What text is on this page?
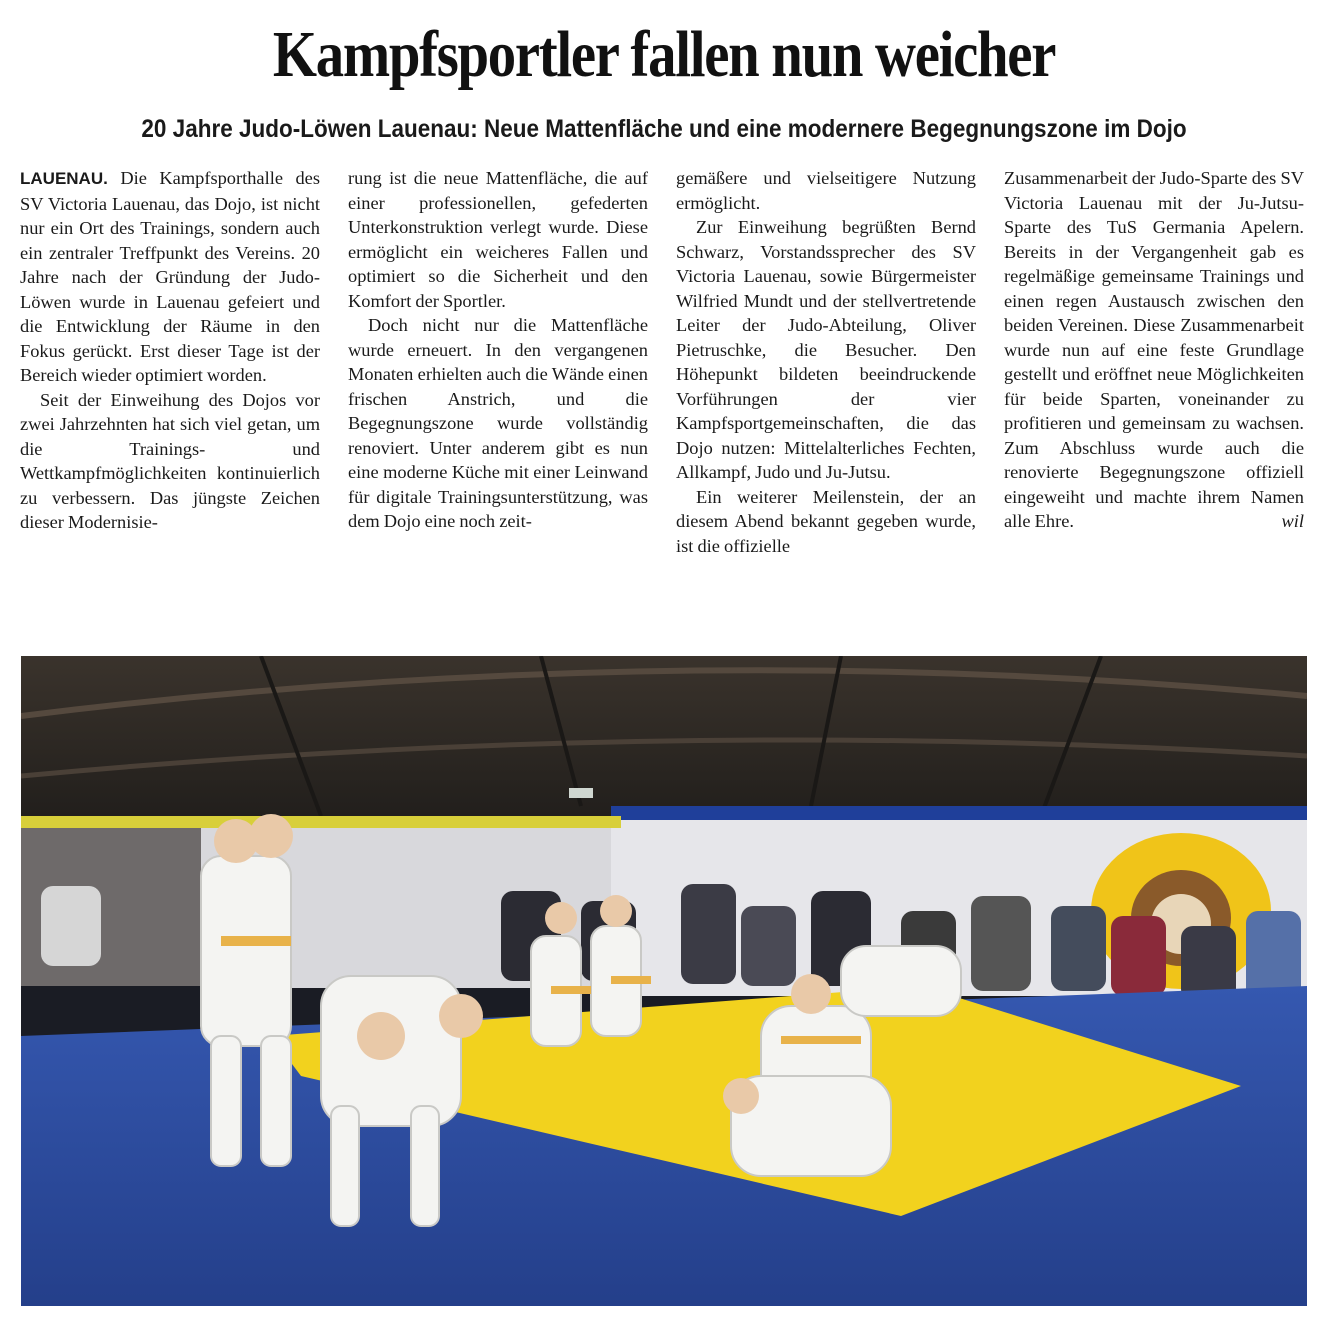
Kampfsportler fallen nun weicher
20 Jahre Judo-Löwen Lauenau: Neue Mattenfläche und eine modernere Begegnungszone im Dojo

LAUENAU. Die Kampfsporthalle des SV Victoria Lauenau, das Dojo, ist nicht nur ein Ort des Trainings, sondern auch ein zentraler Treffpunkt des Vereins. 20 Jahre nach der Gründung der Judo-Löwen wurde in Lauenau gefeiert und die Entwicklung der Räume in den Fokus gerückt. Erst dieser Tage ist der Bereich wieder optimiert worden.

Seit der Einweihung des Dojos vor zwei Jahrzehnten hat sich viel getan, um die Trainings- und Wettkampfmöglichkeiten kontinuierlich zu verbessern. Das jüngste Zeichen dieser Modernisie-

rung ist die neue Mattenfläche, die auf einer professionellen, gefederten Unterkonstruktion verlegt wurde. Diese ermöglicht ein weicheres Fallen und optimiert so die Sicherheit und den Komfort der Sportler.

Doch nicht nur die Mattenfläche wurde erneuert. In den vergangenen Monaten erhielten auch die Wände einen frischen Anstrich, und die Begegnungszone wurde vollständig renoviert. Unter anderem gibt es nun eine moderne Küche mit einer Leinwand für digitale Trainingsunterstützung, was dem Dojo eine noch zeit-

gemäßere und vielseitigere Nutzung ermöglicht.

Zur Einweihung begrüßten Bernd Schwarz, Vorstandssprecher des SV Victoria Lauenau, sowie Bürgermeister Wilfried Mundt und der stellvertretende Leiter der Judo-Abteilung, Oliver Pietruschke, die Besucher. Den Höhepunkt bildeten beeindruckende Vorführungen der vier Kampfsportgemeinschaften, die das Dojo nutzen: Mittelalterliches Fechten, Allkampf, Judo und Ju-Jutsu.

Ein weiterer Meilenstein, der an diesem Abend bekannt gegeben wurde, ist die offizielle

Zusammenarbeit der Judo-Sparte des SV Victoria Lauenau mit der Ju-Jutsu-Sparte des TuS Germania Apelern. Bereits in der Vergangenheit gab es regelmäßige gemeinsame Trainings und einen regen Austausch zwischen den beiden Vereinen. Diese Zusammenarbeit wurde nun auf eine feste Grundlage gestellt und eröffnet neue Möglichkeiten für beide Sparten, voneinander zu profitieren und gemeinsam zu wachsen. Zum Abschluss wurde auch die renovierte Begegnungszone offiziell eingeweiht und machte ihrem Namen alle Ehre.	wil
